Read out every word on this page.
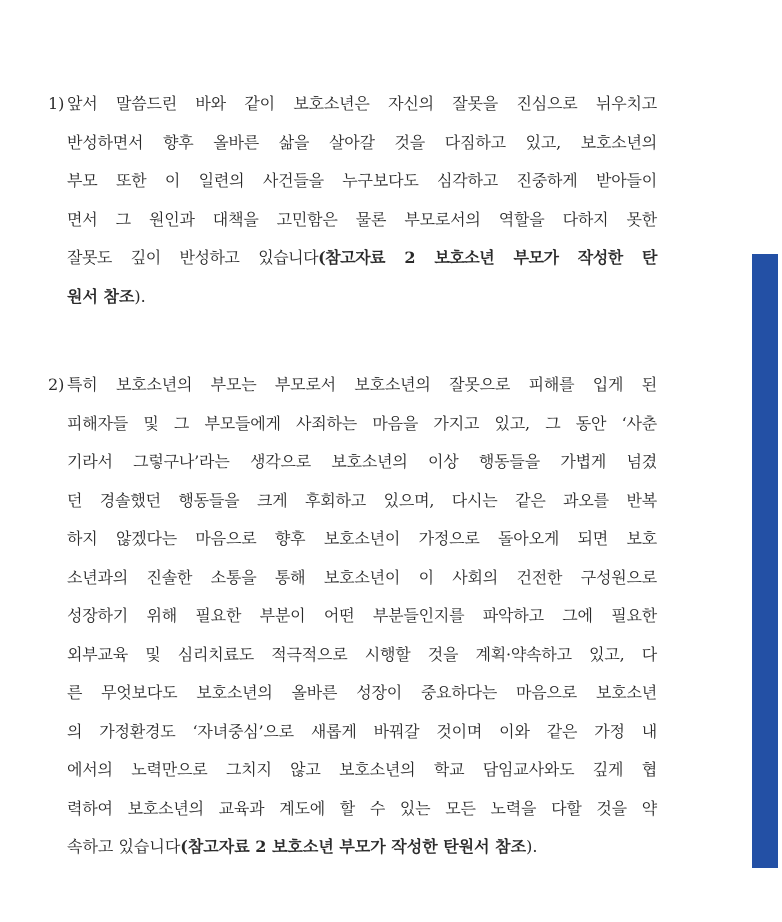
1) 앞서 말씀드린 바와 같이 보호소년은 자신의 잘못을 진심으로 뉘우치고
반성하면서 향후 올바른 삶을 살아갈 것을 다짐하고 있고, 보호소년의
부모 또한 이 일련의 사건들을 누구보다도 심각하고 진중하게 받아들이
면서 그 원인과 대책을 고민함은 물론 부모로서의 역할을 다하지 못한
잘못도 깊이 반성하고 있습니다(참고자료 2 보호소년 부모가 작성한 탄
원서 참조).
2) 특히 보호소년의 부모는 부모로서 보호소년의 잘못으로 피해를 입게 된
피해자들 및 그 부모들에게 사죄하는 마음을 가지고 있고, 그 동안 ‘사춘
기라서 그렇구나’라는 생각으로 보호소년의 이상 행동들을 가볍게 넘겼
던 경솔했던 행동들을 크게 후회하고 있으며, 다시는 같은 과오를 반복
하지 않겠다는 마음으로 향후 보호소년이 가정으로 돌아오게 되면 보호
소년과의 진솔한 소통을 통해 보호소년이 이 사회의 건전한 구성원으로
성장하기 위해 필요한 부분이 어떤 부분들인지를 파악하고 그에 필요한
외부교육 및 심리치료도 적극적으로 시행할 것을 계획·약속하고 있고, 다
른 무엇보다도 보호소년의 올바른 성장이 중요하다는 마음으로 보호소년
의 가정환경도 ‘자녀중심’으로 새롭게 바꿔갈 것이며 이와 같은 가정 내
에서의 노력만으로 그치지 않고 보호소년의 학교 담임교사와도 깊게 협
력하여 보호소년의 교육과 계도에 할 수 있는 모든 노력을 다할 것을 약
속하고 있습니다(참고자료 2 보호소년 부모가 작성한 탄원서 참조).
